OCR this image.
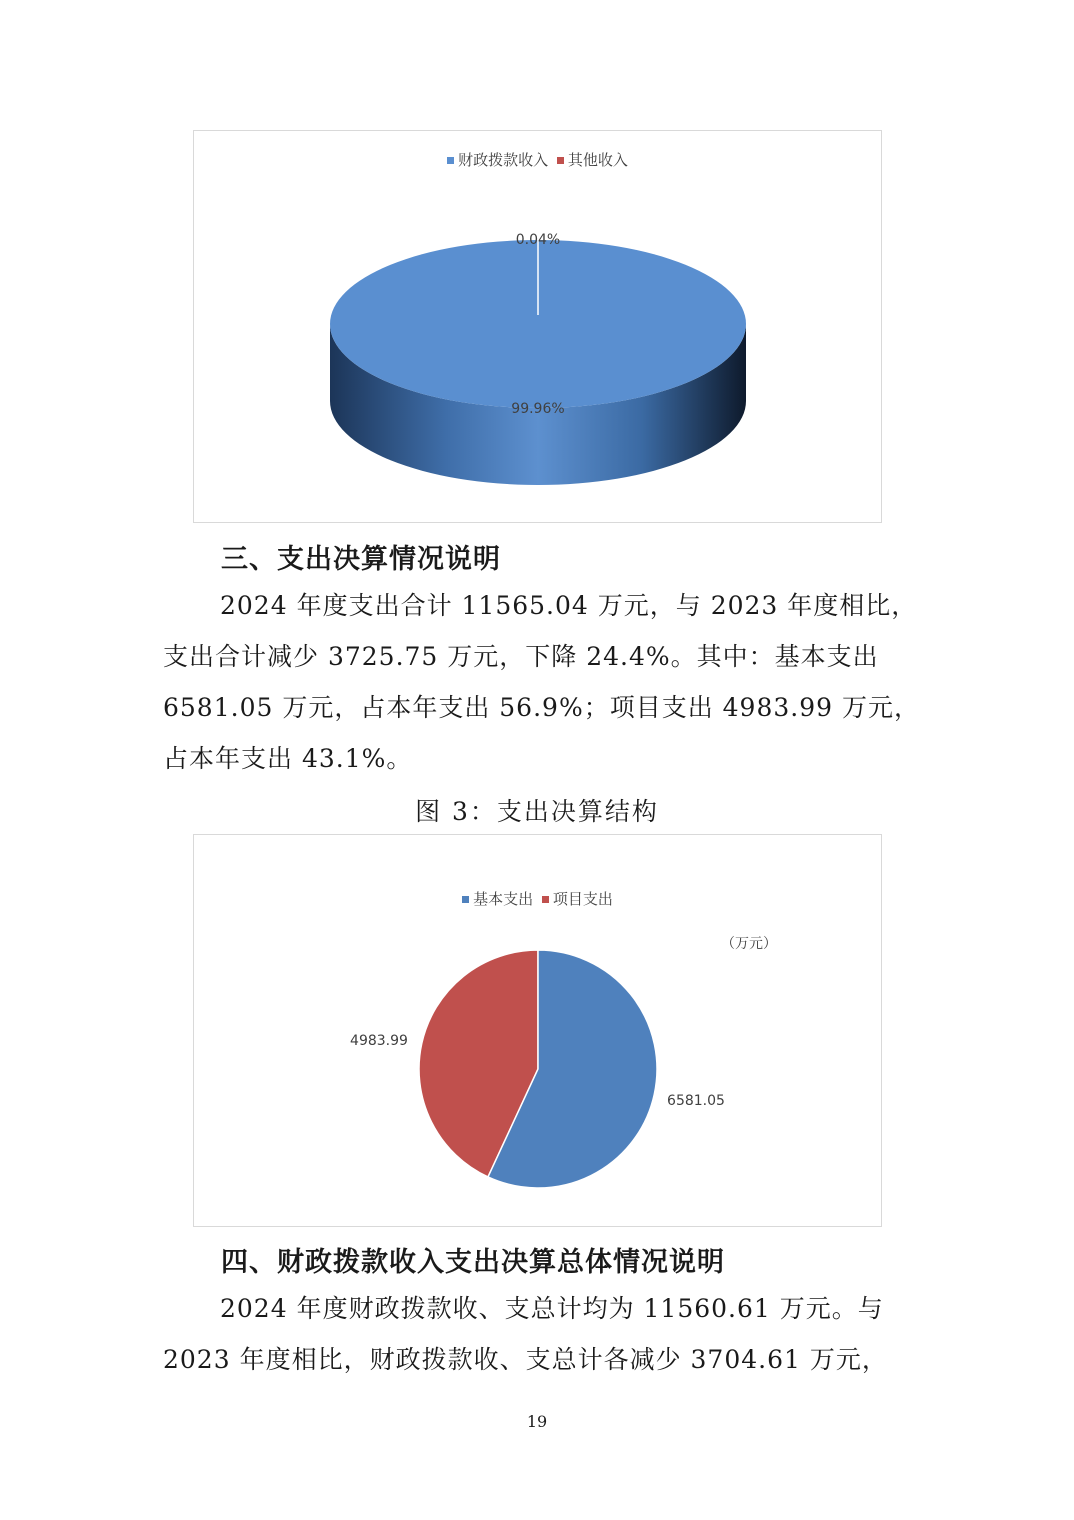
财政拨款收入 其他收入
0.04%
99.96%
三、支出决算情况说明
2024 年度支出合计 11565.04 万元，与 2023 年度相比，
支出合计减少 3725.75 万元，下降 24.4%。其中：基本支出
6581.05 万元，占本年支出 56.9%；项目支出 4983.99 万元，
占本年支出 43.1%。
图 3：支出决算结构
基本支出 项目支出
（万元）
4983.99
6581.05
四、财政拨款收入支出决算总体情况说明
2024 年度财政拨款收、支总计均为 11560.61 万元。与
2023 年度相比，财政拨款收、支总计各减少 3704.61 万元，
19
